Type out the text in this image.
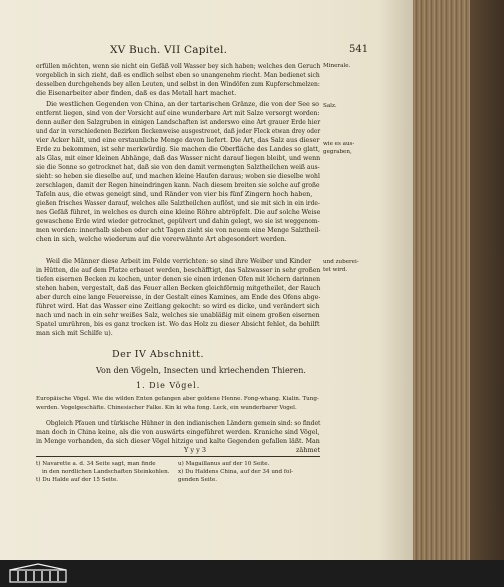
XV Buch. VII Capitel.	541

Minerale.

Salz.

wie es aus-

gegraben,

und zuberei-

tet wird.

erfüllen möchten, wenn sie nicht ein Gefäß voll Wasser bey sich haben; welches den Geruch

vorgeblich in sich zieht, daß es endlich selbst eben so unangenehm riecht. Man bedienet sich

desselben durchgehends bey allen Leuten, und selbst in den Windöfen zum Kupferschmelzen:

die Eisenarbeiter aber finden, daß es das Metall hart machet.

Die westlichen Gegenden von China, an der tartarischen Gränze, die von der See so

entfernt liegen, sind von der Vorsicht auf eine wunderbare Art mit Salze versorgt worden:

denn außer den Salzgruben in einigen Landschaften ist anderswo eine Art grauer Erde hier

und dar in verschiedenen Bezirken fleckenweise ausgestreuet, daß jeder Fleck etwan drey oder

vier Acker hält, und eine erstaunliche Menge davon liefert. Die Art, das Salz aus dieser

Erde zu bekommen, ist sehr merkwürdig. Sie machen die Oberfläche des Landes so glatt,

als Glas, mit einer kleinen Abhänge, daß das Wasser nicht darauf liegen bleibt, und wenn

sie die Sonne so getrocknet hat, daß sie von den damit vermengten Salztheilchen weiß aus-

sieht: so heben sie dieselbe auf, und machen kleine Haufen daraus; woben sie dieselbe wohl

zerschlagen, damit der Regen hineindringen kann. Nach diesem breiten sie solche auf große

Tafeln aus, die etwas geneigt sind, und Ränder von vier bis fünf Zingern hoch haben,

gießen frisches Wasser darauf, welches alle Salztheilchen auflöst, und sie mit sich in ein irde-

nes Gefäß führet, in welches es durch eine kleine Röhre abtröpfelt. Die auf solche Weise

gewaschene Erde wird wieder getrocknet, gepülvert und dahin gelegt, wo sie ist weggenom-

men worden: innerhalb sieben oder acht Tagen zieht sie von neuem eine Menge Salztheil-

chen in sich, welche wiederum auf die vorerwähnte Art abgesondert werden.

Weil die Männer diese Arbeit im Felde verrichten: so sind ihre Weiber und Kinder

in Hütten, die auf dem Platze erbauet werden, beschäfftigt, das Salzwasser in sehr großen

tiefen eisernen Becken zu kochen, unter denen sie einen irdenen Ofen mit löchern darinnen

stehen haben, vergestalt, daß das Feuer allen Becken gleichförmig mitgetheilet, der Rauch

aber durch eine lange Feuereisse, in der Gestalt eines Kamines, am Ende des Ofens abge-

führet wird. Hat das Wasser eine Zeitlang gekocht: so wird es dicke, und verändert sich

nach und nach in ein sehr weißes Salz, welches sie unabläßig mit einem großen eisernen

Spatel umrühren, bis es ganz trocken ist. Wo das Holz zu dieser Absicht fehlet, da behilft

man sich mit Schilfe u).

Der IV Abschnitt.

Von den Vögeln, Insecten und kriechenden Thieren.

1. Die Vögel.

Europäische Vögel. Wie die wilden Enten gefangen aber goldene Henne. Fong-whang. Kialin. Tung-

werden. Vogelgeschäfte. Chinesischer Falke. Kin ki wha fong. Leck, ein wunderbarer Vogel.

Obgleich Pfauen und türkische Hühner in den indianischen Ländern gemein sind: so findet

man doch in China keine, als die von auswärts eingeführet werden. Kraniche sind Vögel,

in Menge vorhanden, da sich dieser Vögel hitzige und kalte Gegenden gefallen läßt. Man

Y y y 3	zähmet

t) Navarette a. d. 34 Seite sagt, man finde

in den nordlichen Landschaften Steinkohlen.

t) Du Halde auf der 15 Seite.

u) Magaillanus auf der 10 Seite.

x) Du Haldens China, auf der 34 und fol-

genden Seite.
